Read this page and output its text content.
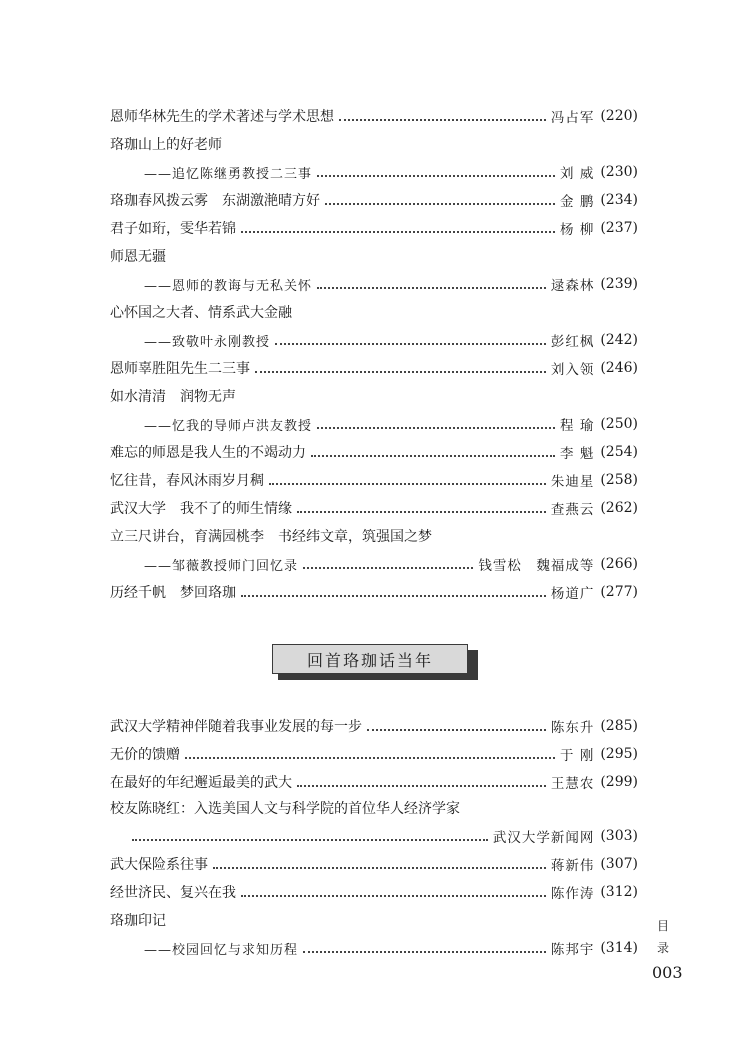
恩师华林先生的学术著述与学术思想	冯占军 (220)
珞珈山上的好老师
——追忆陈继勇教授二三事	刘 威 (230)
珞珈春风拨云雾　东湖激滟晴方好	金 鹏 (234)
君子如珩，雯华若锦	杨 柳 (237)
师恩无疆
——恩师的教诲与无私关怀	逯森林 (239)
心怀国之大者、情系武大金融
——致敬叶永刚教授	彭红枫 (242)
恩师辜胜阻先生二三事	刘入领 (246)
如水清清　润物无声
——忆我的导师卢洪友教授	程 瑜 (250)
难忘的师恩是我人生的不竭动力	李 魁 (254)
忆往昔，春风沐雨岁月稠	朱迪星 (258)
武汉大学　我不了的师生情缘	查燕云 (262)
立三尺讲台，育满园桃李　书经纬文章，筑强国之梦
——邹薇教授师门回忆录	钱雪松　魏福成等 (266)
历经千帆　梦回珞珈	杨道广 (277)
回首珞珈话当年
武汉大学精神伴随着我事业发展的每一步	陈东升 (285)
无价的馈赠	于 刚 (295)
在最好的年纪邂逅最美的武大	王慧农 (299)
校友陈晓红：入选美国人文与科学院的首位华人经济学家
武汉大学新闻网 (303)
武大保险系往事	蒋新伟 (307)
经世济民、复兴在我	陈作涛 (312)
珞珈印记
——校园回忆与求知历程	陈邦宇 (314)
目
录
003
